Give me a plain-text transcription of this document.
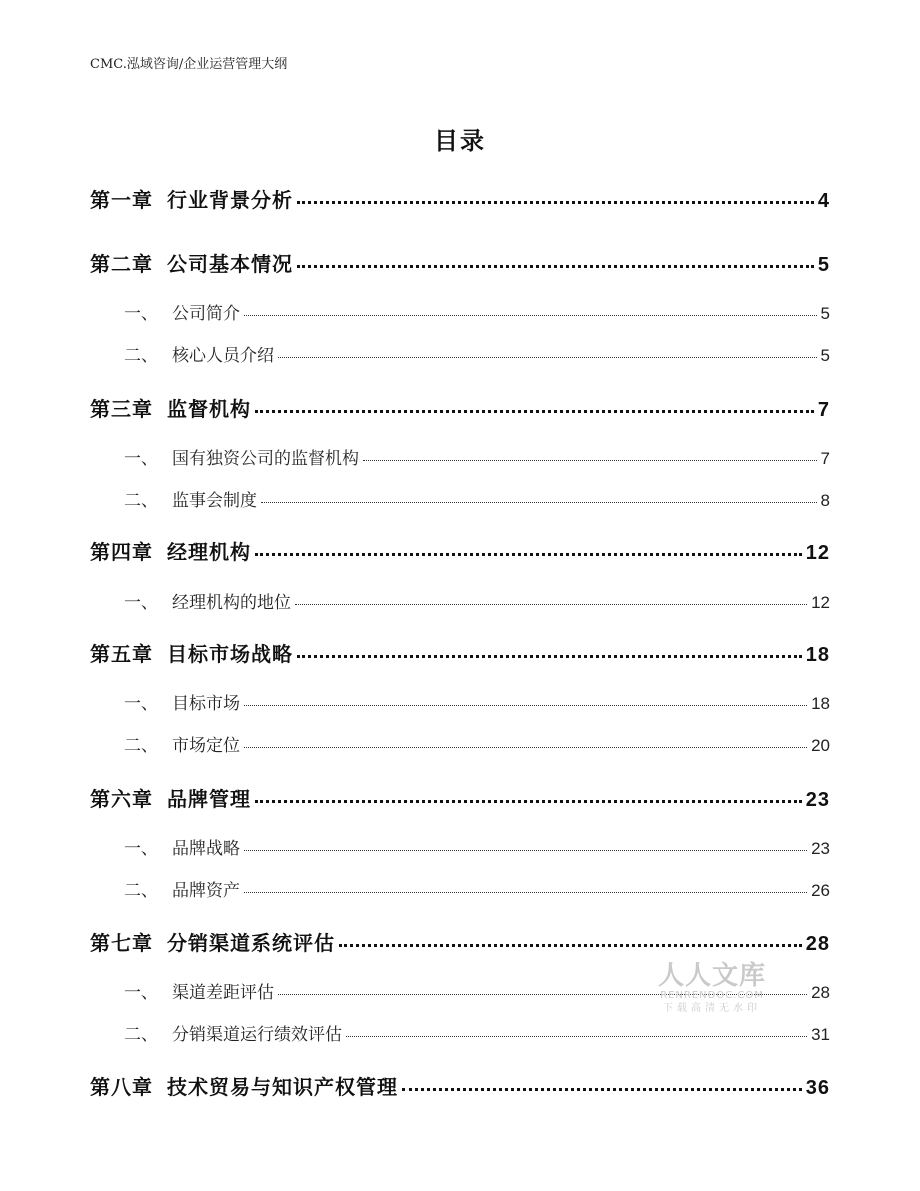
CMC.泓域咨询/企业运营管理大纲
目录
第一章 行业背景分析	4
第二章 公司基本情况	5
一、 公司简介	5
二、 核心人员介绍	5
第三章 监督机构	7
一、 国有独资公司的监督机构	7
二、 监事会制度	8
第四章 经理机构	12
一、 经理机构的地位	12
第五章 目标市场战略	18
一、 目标市场	18
二、 市场定位	20
第六章 品牌管理	23
一、 品牌战略	23
二、 品牌资产	26
第七章 分销渠道系统评估	28
一、 渠道差距评估	28
二、 分销渠道运行绩效评估	31
第八章 技术贸易与知识产权管理	36
人人文库
RENRENDOC.COM
下载高清无水印
